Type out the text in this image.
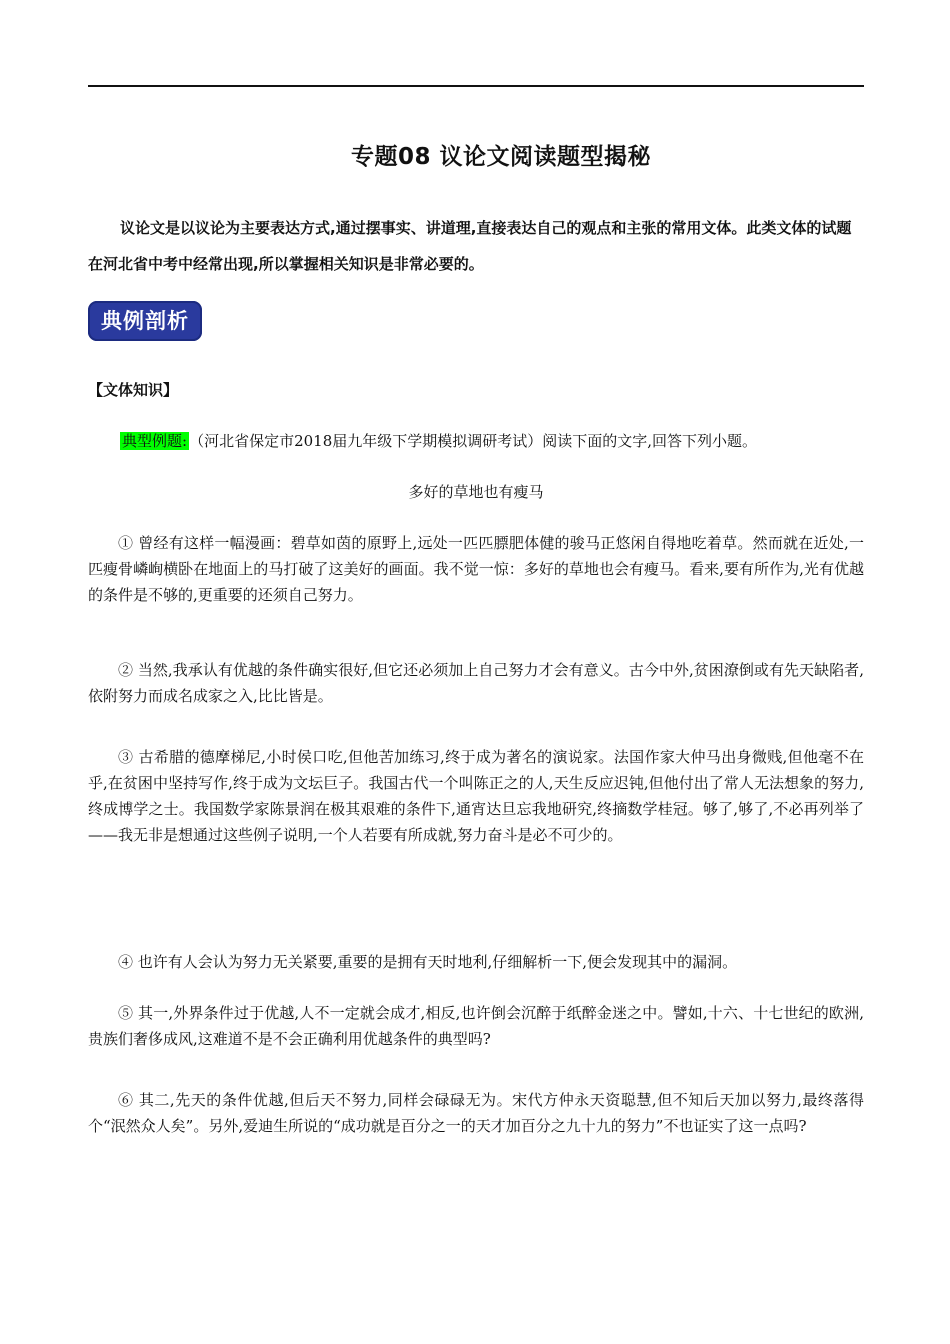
专题08 议论文阅读题型揭秘

议论文是以议论为主要表达方式,通过摆事实、讲道理,直接表达自己的观点和主张的常用文体。此类文体的试题在河北省中考中经常出现,所以掌握相关知识是非常必要的。

典例剖析
【文体知识】
典型例题: （河北省保定市2018届九年级下学期模拟调研考试）阅读下面的文字,回答下列小题。
多好的草地也有瘦马

① 曾经有这样一幅漫画：碧草如茵的原野上,远处一匹匹膘肥体健的骏马正悠闲自得地吃着草。然而就在近处,一匹瘦骨嶙峋横卧在地面上的马打破了这美好的画面。我不觉一惊：多好的草地也会有瘦马。看来,要有所作为,光有优越的条件是不够的,更重要的还须自己努力。

② 当然,我承认有优越的条件确实很好,但它还必须加上自己努力才会有意义。古今中外,贫困潦倒或有先天缺陷者,依附努力而成名成家之入,比比皆是。

③ 古希腊的德摩梯尼,小时侯口吃,但他苦加练习,终于成为著名的演说家。法国作家大仲马出身微贱,但他毫不在乎,在贫困中坚持写作,终于成为文坛巨子。我国古代一个叫陈正之的人,天生反应迟钝,但他付出了常人无法想象的努力,终成博学之士。我国数学家陈景润在极其艰难的条件下,通宵达旦忘我地研究,终摘数学桂冠。够了,够了,不必再列举了——我无非是想通过这些例子说明,一个人若要有所成就,努力奋斗是必不可少的。

④ 也许有人会认为努力无关紧要,重要的是拥有天时地利,仔细解析一下,便会发现其中的漏洞。

⑤ 其一,外界条件过于优越,人不一定就会成才,相反,也许倒会沉醉于纸醉金迷之中。譬如,十六、十七世纪的欧洲,贵族们奢侈成风,这难道不是不会正确利用优越条件的典型吗?

⑥ 其二,先天的条件优越,但后天不努力,同样会碌碌无为。宋代方仲永天资聪慧,但不知后天加以努力,最终落得个“泯然众人矣”。另外,爱迪生所说的“成功就是百分之一的天才加百分之九十九的努力”不也证实了这一点吗?
